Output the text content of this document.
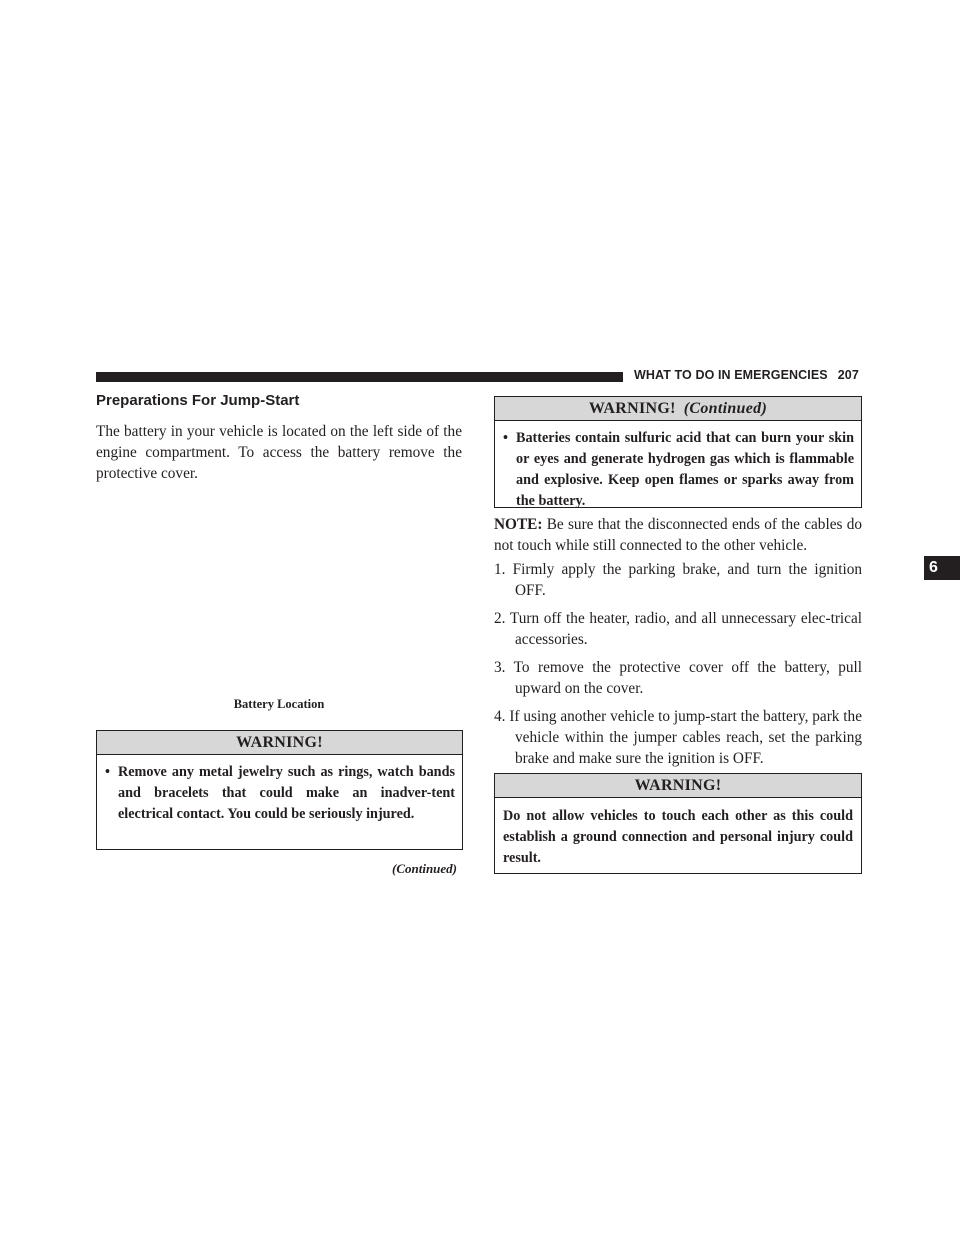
WHAT TO DO IN EMERGENCIES 207
6
Preparations For Jump-Start

The battery in your vehicle is located on the left side of the engine compartment. To access the battery remove the protective cover.

Battery Location
WARNING!
• Remove any metal jewelry such as rings, watch bands and bracelets that could make an inadver-tent electrical contact. You could be seriously injured.
(Continued)
WARNING! (Continued)
• Batteries contain sulfuric acid that can burn your skin or eyes and generate hydrogen gas which is flammable and explosive. Keep open flames or sparks away from the battery.

NOTE: Be sure that the disconnected ends of the cables do not touch while still connected to the other vehicle.

1. Firmly apply the parking brake, and turn the ignition OFF.
2. Turn off the heater, radio, and all unnecessary elec-trical accessories.
3. To remove the protective cover off the battery, pull upward on the cover.
4. If using another vehicle to jump-start the battery, park the vehicle within the jumper cables reach, set the parking brake and make sure the ignition is OFF.
WARNING!

Do not allow vehicles to touch each other as this could establish a ground connection and personal injury could result.
